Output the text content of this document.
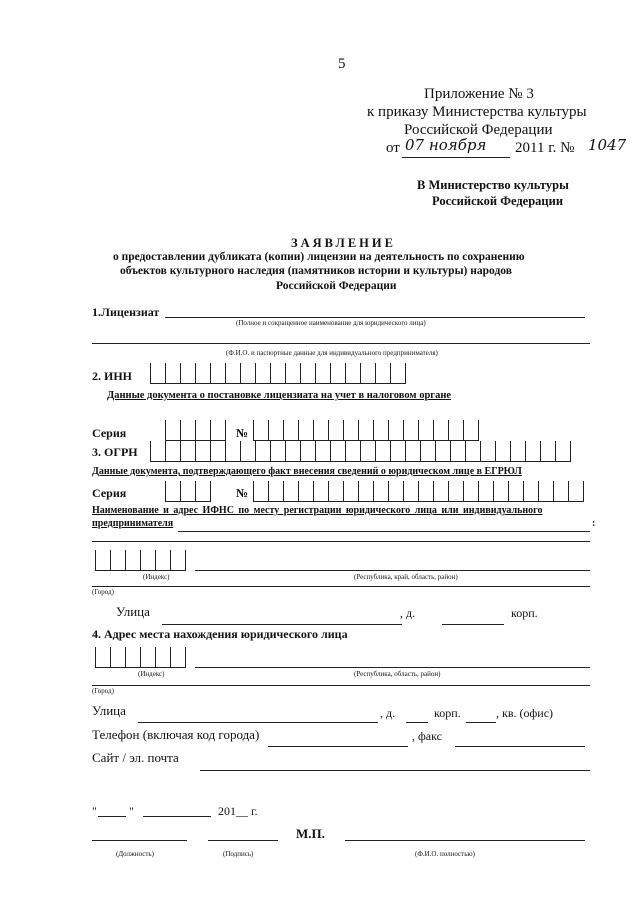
5
Приложение № 3
к приказу Министерства культуры
Российской Федерации
от 07 ноября 2011 г. № 1047
В Министерство культуры
Российской Федерации
ЗАЯВЛЕНИЕ
о предоставлении дубликата (копии) лицензии на деятельность по сохранению
объектов культурного наследия (памятников истории и культуры) народов
Российской Федерации
1.Лицензиат
(Полное и сокращенное наименование для юридического лица)
(Ф.И.О. и паспортные данные для индивидуального предпринимателя)
2. ИНН
Данные документа о постановке лицензиата на учет в налоговом органе
Серия	№
3. ОГРН
Данные документа, подтверждающего факт внесения сведений о юридическом лице в ЕГРЮЛ
Серия	№
Наименование и адрес ИФНС по месту регистрации юридического лица или индивидуального
предпринимателя	:
(Индекс)	(Республика, край, область, район)
(Город)
Улица	, д.	корп.
4. Адрес места нахождения юридического лица
(Индекс)	(Республика, область, район)
(Город)
Улица	, д.	корп.	, кв. (офис)
Телефон (включая код города)	, факс
Сайт / эл. почта
"	"	201__ г.
М.П.
(Должность)	(Подпись)	(Ф.И.О. полностью)
